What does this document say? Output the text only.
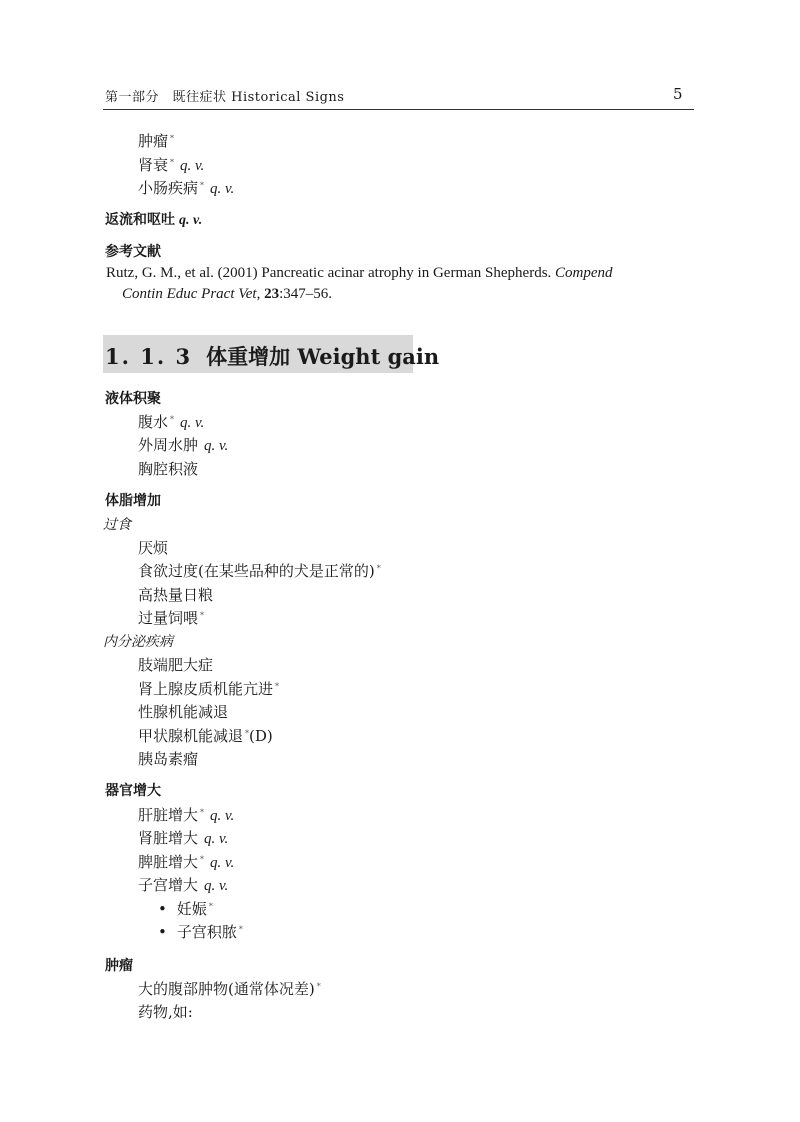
第一部分　既往症状 Historical Signs	5
肿瘤 *
肾衰 * q. v.
小肠疾病 * q. v.
返流和呕吐 q. v.
参考文献
Rutz, G. M., et al. (2001) Pancreatic acinar atrophy in German Shepherds. Compend
Contin Educ Pract Vet, 23:347–56.
1. 1. 3 体重增加 Weight gain
液体积聚
腹水 * q. v.
外周水肿 q. v.
胸腔积液
体脂增加
过食
厌烦
食欲过度(在某些品种的犬是正常的) *
高热量日粮
过量饲喂 *
内分泌疾病
肢端肥大症
肾上腺皮质机能亢进 *
性腺机能减退
甲状腺机能减退 *(D)
胰岛素瘤
器官增大
肝脏增大 * q. v.
肾脏增大 q. v.
脾脏增大 * q. v.
子宫增大 q. v.
• 妊娠 *
• 子宫积脓 *
肿瘤
大的腹部肿物(通常体况差) *
药物,如:
